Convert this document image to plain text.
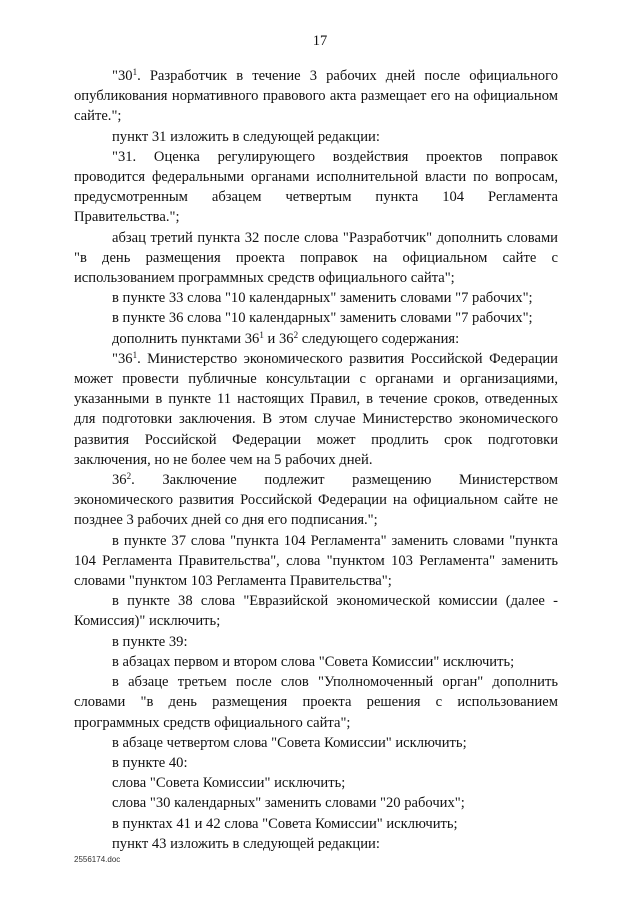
17

"$30^1$. Разработчик в течение 3 рабочих дней после официального опубликования нормативного правового акта размещает его на официальном сайте.";

пункт 31 изложить в следующей редакции:

"31. Оценка регулирующего воздействия проектов поправок проводится федеральными органами исполнительной власти по вопросам, предусмотренным абзацем четвертым пункта 104 Регламента Правительства.";

абзац третий пункта 32 после слова "Разработчик" дополнить словами "в день размещения проекта поправок на официальном сайте с использованием программных средств официального сайта";

в пункте 33 слова "10 календарных" заменить словами "7 рабочих";

в пункте 36 слова "10 календарных" заменить словами "7 рабочих";

дополнить пунктами $36^1$ и $36^2$ следующего содержания:

"$36^1$. Министерство экономического развития Российской Федерации может провести публичные консультации с органами и организациями, указанными в пункте 11 настоящих Правил, в течение сроков, отведенных для подготовки заключения. В этом случае Министерство экономического развития Российской Федерации может продлить срок подготовки заключения, но не более чем на 5 рабочих дней.

$36^2$. Заключение подлежит размещению Министерством экономического развития Российской Федерации на официальном сайте не позднее 3 рабочих дней со дня его подписания.";

в пункте 37 слова "пункта 104 Регламента" заменить словами "пункта 104 Регламента Правительства", слова "пунктом 103 Регламента" заменить словами "пунктом 103 Регламента Правительства";

в пункте 38 слова "Евразийской экономической комиссии (далее - Комиссия)" исключить;

в пункте 39:

в абзацах первом и втором слова "Совета Комиссии" исключить;

в абзаце третьем после слов "Уполномоченный орган" дополнить словами "в день размещения проекта решения с использованием программных средств официального сайта";

в абзаце четвертом слова "Совета Комиссии" исключить;

в пункте 40:

слова "Совета Комиссии" исключить;

слова "30 календарных" заменить словами "20 рабочих";

в пунктах 41 и 42 слова "Совета Комиссии" исключить;

пункт 43 изложить в следующей редакции:

2556174.doc
